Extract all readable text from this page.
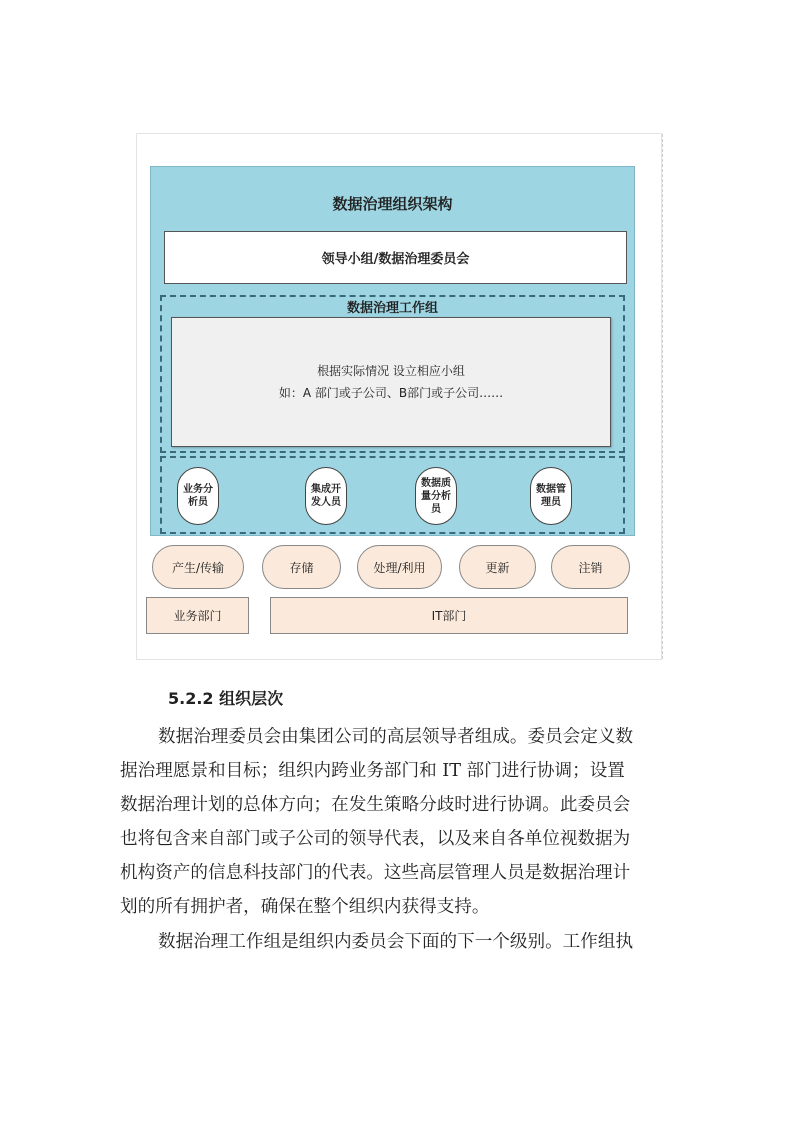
数据治理组织架构
领导小组/数据治理委员会
数据治理工作组
根据实际情况 设立相应小组
如：A 部门或子公司、B部门或子公司……
业务分析员
集成开发人员
数据质量分析员
数据管理员
产生/传输	存储	处理/利用	更新	注销
业务部门	IT部门
5.2.2 组织层次

数据治理委员会由集团公司的高层领导者组成。委员会定义数

据治理愿景和目标；组织内跨业务部门和 IT 部门进行协调；设置

数据治理计划的总体方向；在发生策略分歧时进行协调。此委员会

也将包含来自部门或子公司的领导代表，以及来自各单位视数据为

机构资产的信息科技部门的代表。这些高层管理人员是数据治理计

划的所有拥护者，确保在整个组织内获得支持。

数据治理工作组是组织内委员会下面的下一个级别。工作组执
